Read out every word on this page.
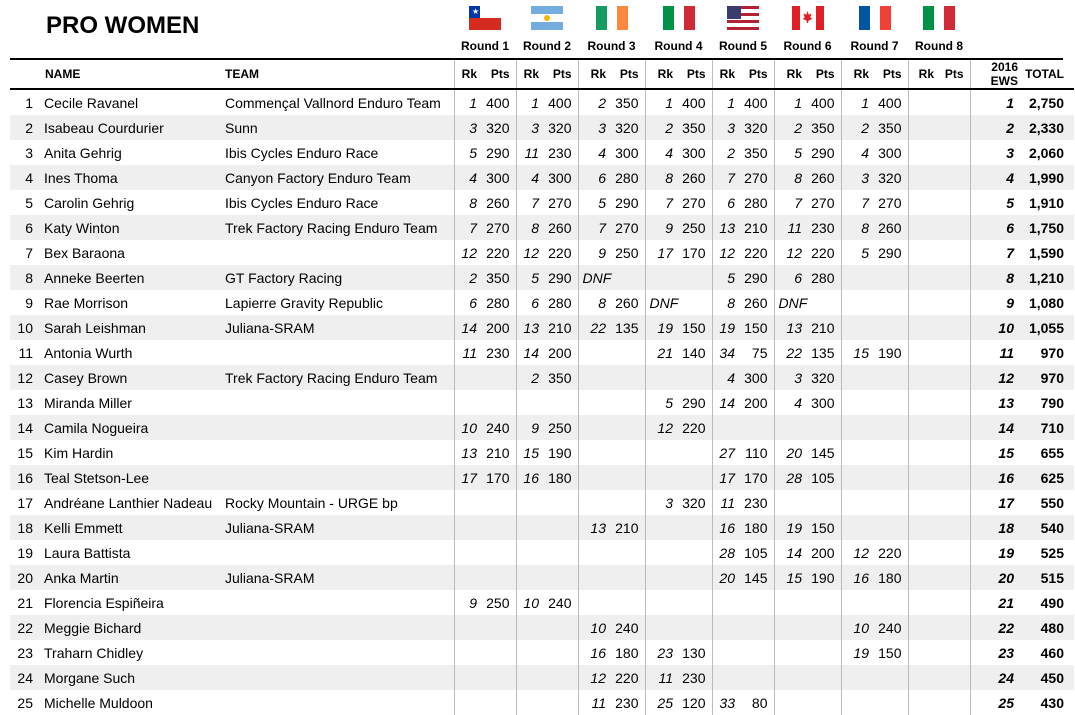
PRO WOMEN
★
Round 1	Round 2	Round 3	Round 4	Round 5	Round 6	Round 7	Round 8
	NAME	TEAM	Rk	Pts	Rk	Pts	Rk	Pts	Rk	Pts	Rk	Pts	Rk	Pts	Rk	Pts	Rk	Pts	2016 EWS	TOTAL
1	Cecile Ravanel	Commençal Vallnord Enduro Team	1	400	1	400	2	350	1	400	1	400	1	400	1	400			1	2,750
2	Isabeau Courdurier	Sunn	3	320	3	320	3	320	2	350	3	320	2	350	2	350			2	2,330
3	Anita Gehrig	Ibis Cycles Enduro Race	5	290	11	230	4	300	4	300	2	350	5	290	4	300			3	2,060
4	Ines Thoma	Canyon Factory Enduro Team	4	300	4	300	6	280	8	260	7	270	8	260	3	320			4	1,990
5	Carolin Gehrig	Ibis Cycles Enduro Race	8	260	7	270	5	290	7	270	6	280	7	270	7	270			5	1,910
6	Katy Winton	Trek Factory Racing Enduro Team	7	270	8	260	7	270	9	250	13	210	11	230	8	260			6	1,750
7	Bex Baraona		12	220	12	220	9	250	17	170	12	220	12	220	5	290			7	1,590
8	Anneke Beerten	GT Factory Racing	2	350	5	290	DNF				5	290	6	280					8	1,210
9	Rae Morrison	Lapierre Gravity Republic	6	280	6	280	8	260	DNF		8	260	DNF						9	1,080
10	Sarah Leishman	Juliana-SRAM	14	200	13	210	22	135	19	150	19	150	13	210					10	1,055
11	Antonia Wurth		11	230	14	200			21	140	34	75	22	135	15	190			11	970
12	Casey Brown	Trek Factory Racing Enduro Team			2	350					4	300	3	320					12	970
13	Miranda Miller								5	290	14	200	4	300					13	790
14	Camila Nogueira		10	240	9	250			12	220									14	710
15	Kim Hardin		13	210	15	190					27	110	20	145					15	655
16	Teal Stetson-Lee		17	170	16	180					17	170	28	105					16	625
17	Andréane Lanthier Nadeau	Rocky Mountain - URGE bp							3	320	11	230							17	550
18	Kelli Emmett	Juliana-SRAM					13	210			16	180	19	150					18	540
19	Laura Battista										28	105	14	200	12	220			19	525
20	Anka Martin	Juliana-SRAM									20	145	15	190	16	180			20	515
21	Florencia Espiñeira		9	250	10	240													21	490
22	Meggie Bichard						10	240							10	240			22	480
23	Traharn Chidley						16	180	23	130					19	150			23	460
24	Morgane Such						12	220	11	230									24	450
25	Michelle Muldoon						11	230	25	120	33	80							25	430
